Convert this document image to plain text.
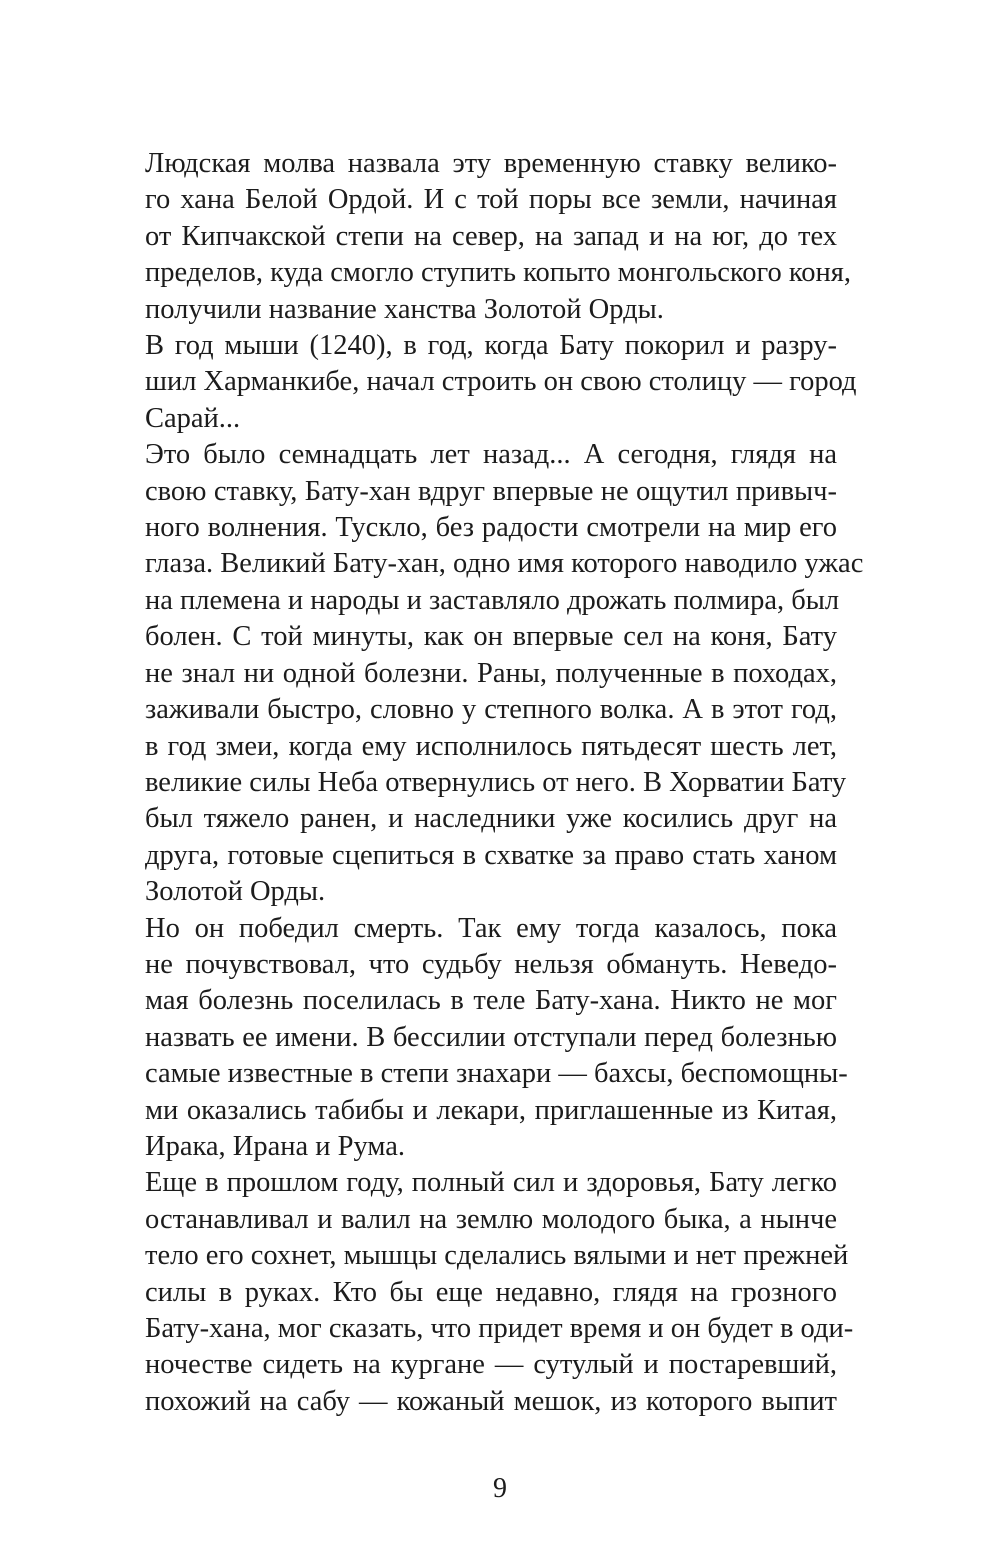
Людская молва назвала эту временную ставку велико-
го хана Белой Ордой. И с той поры все земли, начиная
от Кипчакской степи на север, на запад и на юг, до тех
пределов, куда смогло ступить копыто монгольского коня,
получили название ханства Золотой Орды.

В год мыши (1240), в год, когда Бату покорил и разру-
шил Харманкибе, начал строить он свою столицу — город
Сарай...

Это было семнадцать лет назад... А сегодня, глядя на
свою ставку, Бату-хан вдруг впервые не ощутил привыч-
ного волнения. Тускло, без радости смотрели на мир его
глаза. Великий Бату-хан, одно имя которого наводило ужас
на племена и народы и заставляло дрожать полмира, был
болен. С той минуты, как он впервые сел на коня, Бату
не знал ни одной болезни. Раны, полученные в походах,
заживали быстро, словно у степного волка. А в этот год,
в год змеи, когда ему исполнилось пятьдесят шесть лет,
великие силы Неба отвернулись от него. В Хорватии Бату
был тяжело ранен, и наследники уже косились друг на
друга, готовые сцепиться в схватке за право стать ханом
Золотой Орды.

Но он победил смерть. Так ему тогда казалось, пока
не почувствовал, что судьбу нельзя обмануть. Неведо-
мая болезнь поселилась в теле Бату-хана. Никто не мог
назвать ее имени. В бессилии отступали перед болезнью
самые известные в степи знахари — бахсы, беспомощны-
ми оказались табибы и лекари, приглашенные из Китая,
Ирака, Ирана и Рума.

Еще в прошлом году, полный сил и здоровья, Бату легко
останавливал и валил на землю молодого быка, а нынче
тело его сохнет, мышцы сделались вялыми и нет прежней
силы в руках. Кто бы еще недавно, глядя на грозного
Бату-хана, мог сказать, что придет время и он будет в оди-
ночестве сидеть на кургане — сутулый и постаревший,
похожий на сабу — кожаный мешок, из которого выпит

9
